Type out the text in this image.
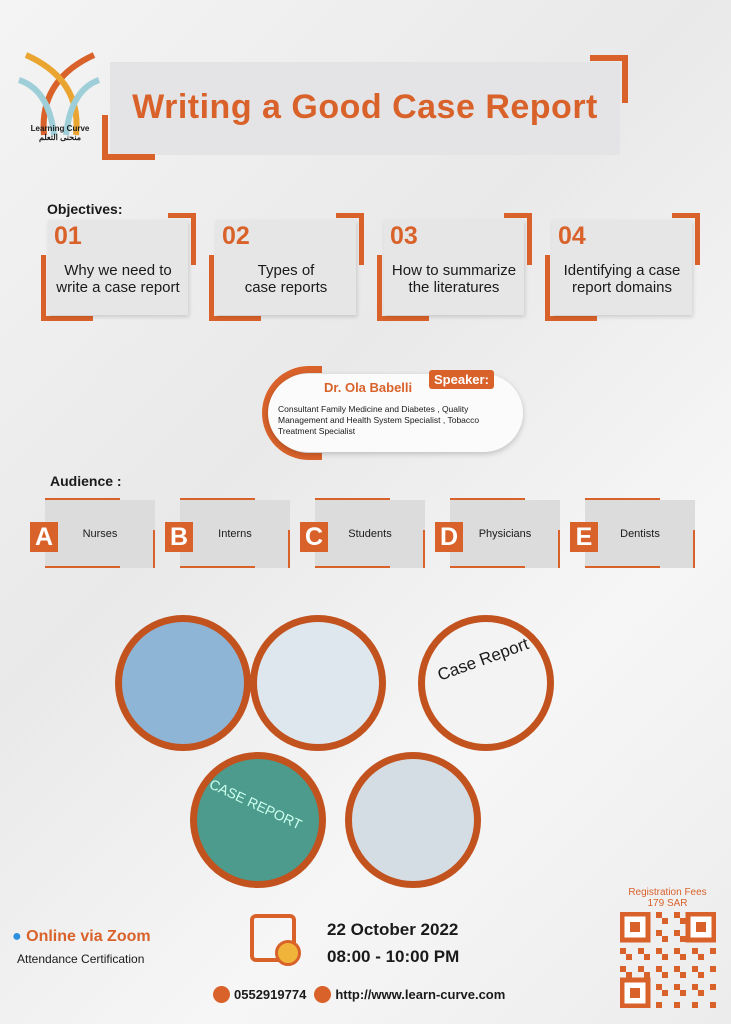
Learning Curve
منحنى التعلم
Writing a Good Case Report
Objectives:
01
Why we need to
write a case report
02
Types of
case reports
03
How to summarize
the literatures
04
Identifying a case
report domains
Dr. Ola Babelli
Speaker:
Consultant Family Medicine and Diabetes , Quality Management and Health System Specialist , Tobacco Treatment Specialist
Audience :
Nurses
A	Interns
B	Students
C	Physicians
D	Dentists
E
Case Report
CASE REPORT
● Online via Zoom
Attendance Certification
22 October 2022
08:00 - 10:00 PM
0552919774 http://www.learn-curve.com
Registration Fees
179 SAR
